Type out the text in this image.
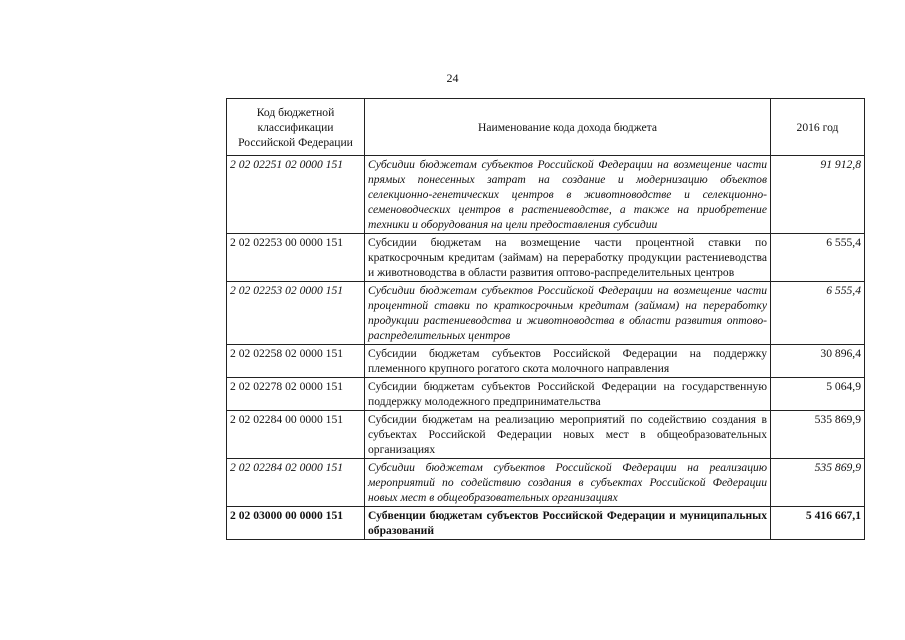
24
Код бюджетной классификации Российской Федерации	Наименование кода дохода бюджета	2016 год
2 02 02251 02 0000 151	Субсидии бюджетам субъектов Российской Федерации на возмещение части прямых понесенных затрат на создание и модернизацию объектов селекционно-генетических центров в животноводстве и селекционно-семеноводческих центров в растениеводстве, а также на приобретение техники и оборудования на цели предоставления субсидии	91 912,8
2 02 02253 00 0000 151	Субсидии бюджетам на возмещение части процентной ставки по краткосрочным кредитам (займам) на переработку продукции растениеводства и животноводства в области развития оптово-распределительных центров	6 555,4
2 02 02253 02 0000 151	Субсидии бюджетам субъектов Российской Федерации на возмещение части процентной ставки по краткосрочным кредитам (займам) на переработку продукции растениеводства и животноводства в области развития оптово-распределительных центров	6 555,4
2 02 02258 02 0000 151	Субсидии бюджетам субъектов Российской Федерации на поддержку племенного крупного рогатого скота молочного направления	30 896,4
2 02 02278 02 0000 151	Субсидии бюджетам субъектов Российской Федерации на государственную поддержку молодежного предпринимательства	5 064,9
2 02 02284 00 0000 151	Субсидии бюджетам на реализацию мероприятий по содействию создания в субъектах Российской Федерации новых мест в общеобразовательных организациях	535 869,9
2 02 02284 02 0000 151	Субсидии бюджетам субъектов Российской Федерации на реализацию мероприятий по содействию создания в субъектах Российской Федерации новых мест в общеобразовательных организациях	535 869,9
2 02 03000 00 0000 151	Субвенции бюджетам субъектов Российской Федерации и муниципальных образований	5 416 667,1
